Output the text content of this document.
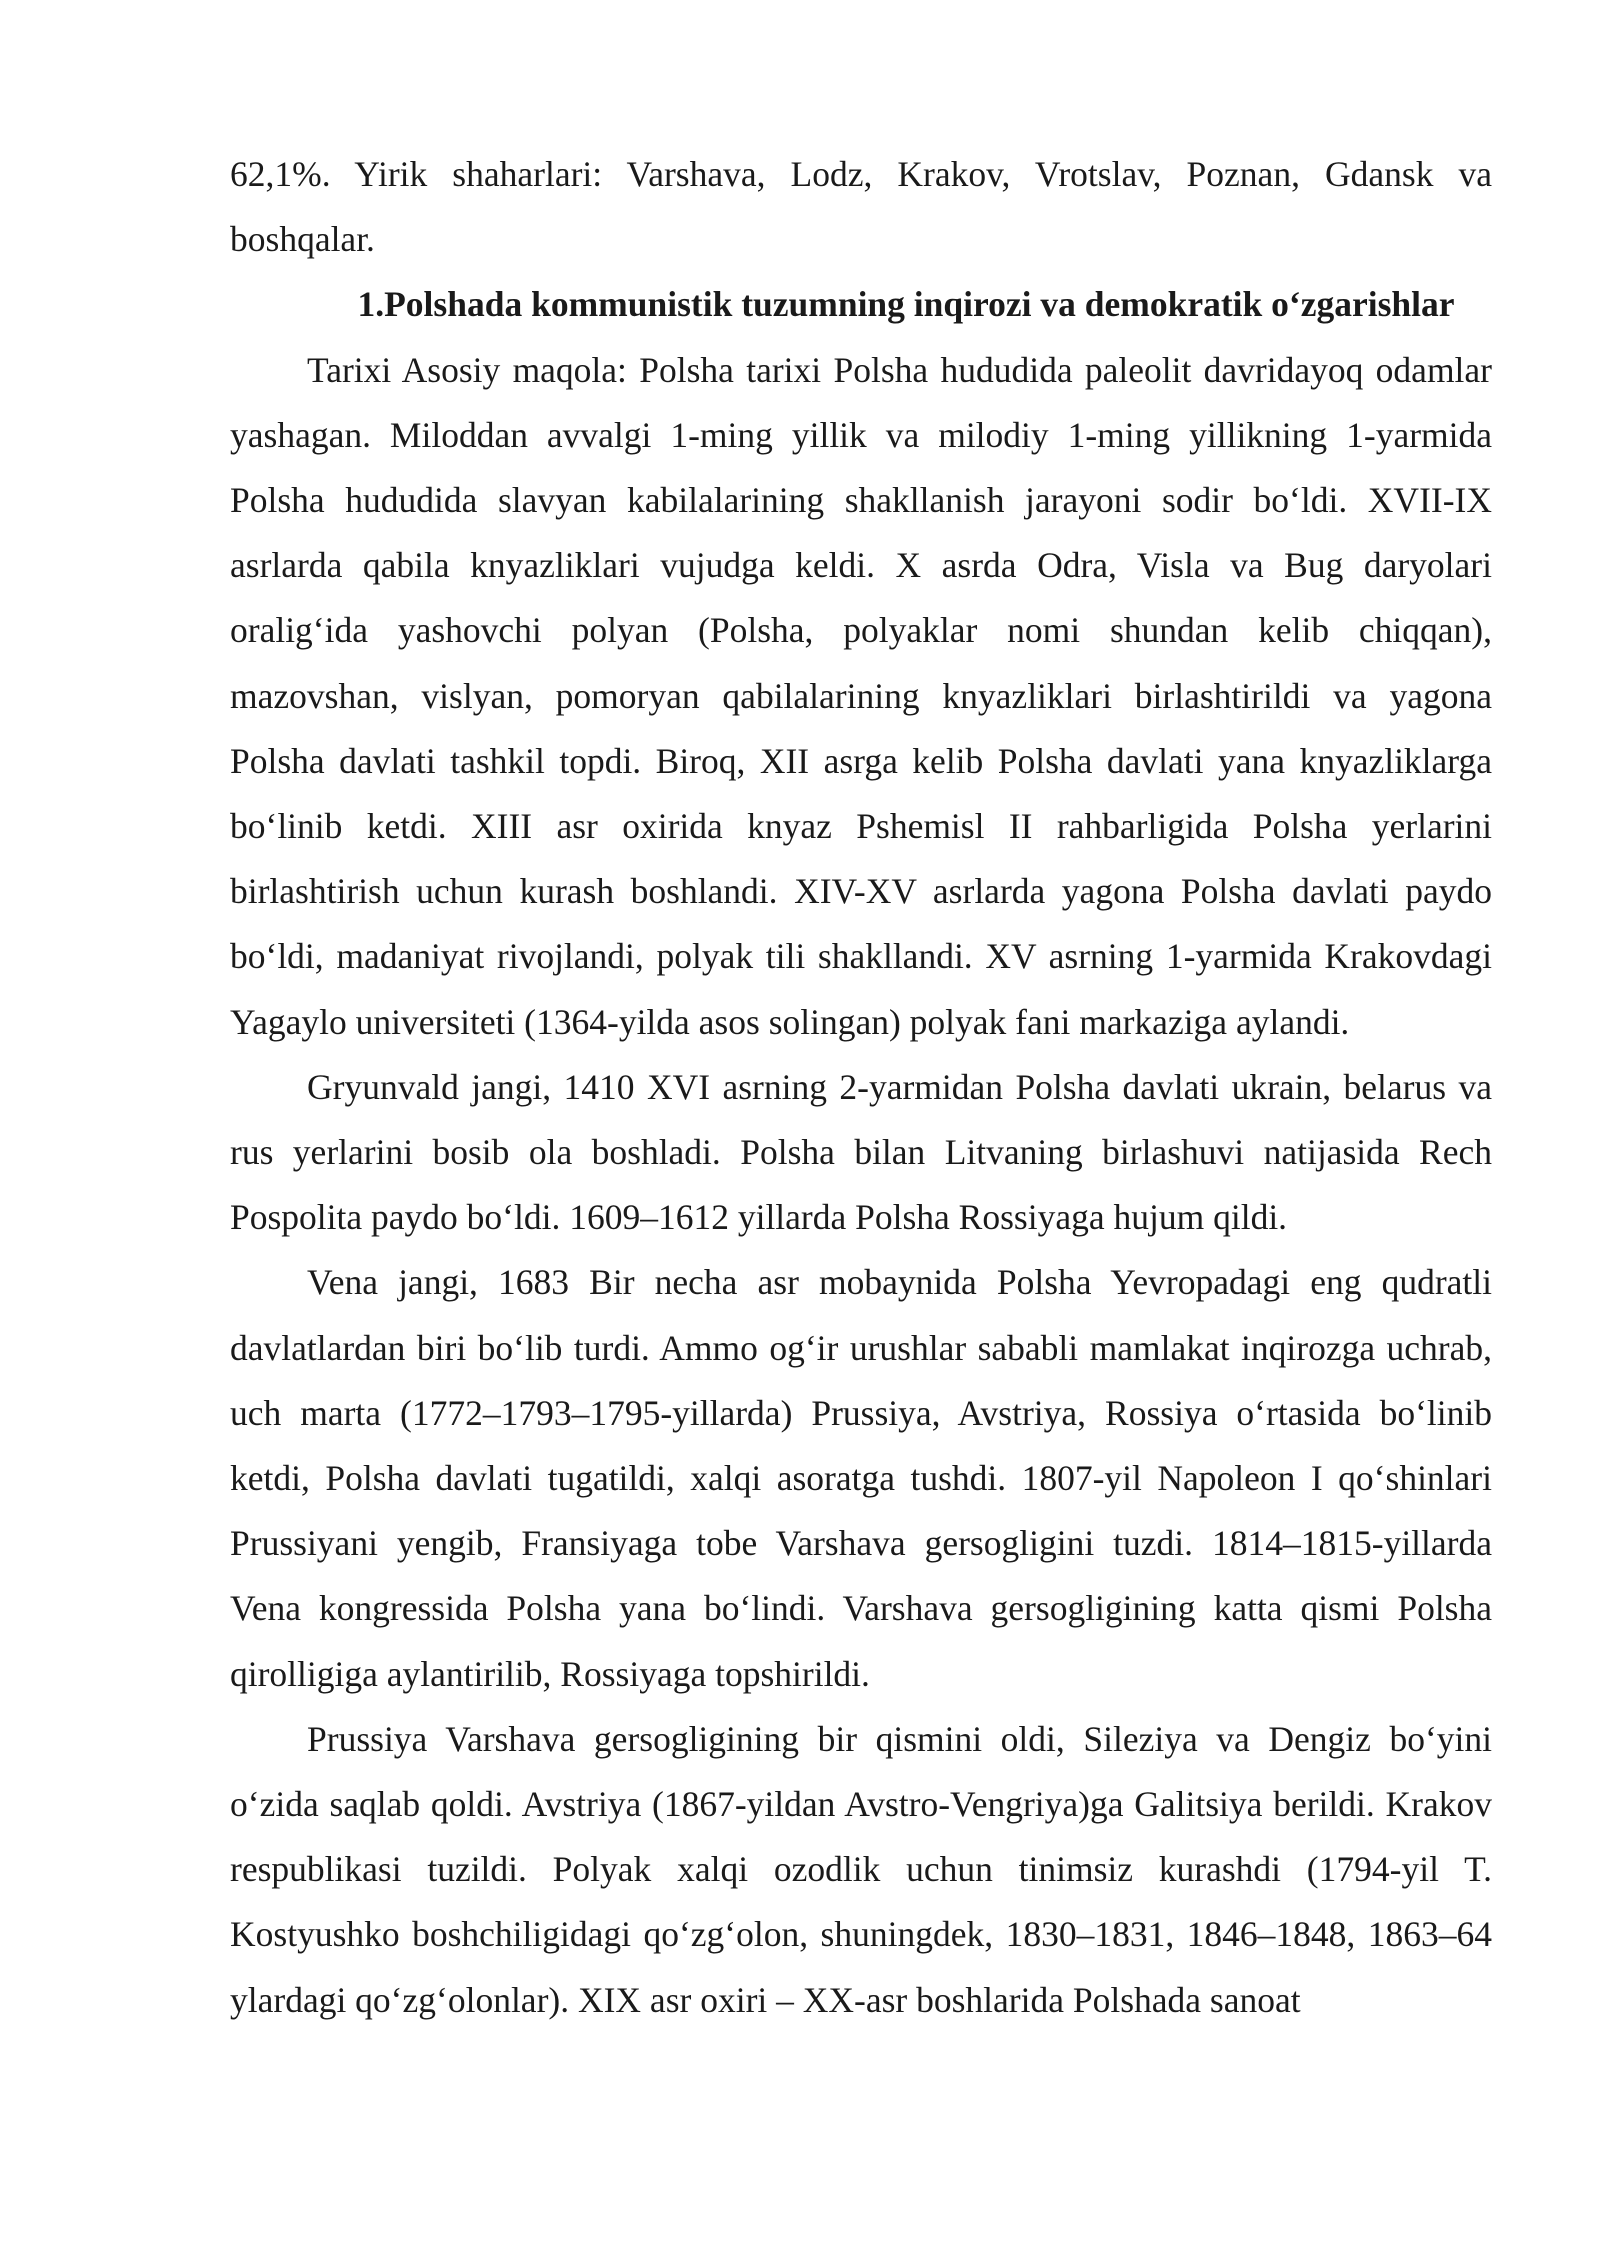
62,1%. Yirik shaharlari: Varshava, Lodz, Krakov, Vrotslav, Poznan, Gdansk va boshqalar.

1.Polshada kommunistik tuzumning inqirozi va demokratik o‘zgarishlar

Tarixi Asosiy maqola: Polsha tarixi Polsha hududida paleolit davridayoq odamlar yashagan. Miloddan avvalgi 1-ming yillik va milodiy 1-ming yillikning 1-yarmida Polsha hududida slavyan kabilalarining shakllanish jarayoni sodir bo‘ldi. XVII-IX asrlarda qabila knyazliklari vujudga keldi. X asrda Odra, Visla va Bug daryolari oralig‘ida yashovchi polyan (Polsha, polyaklar nomi shundan kelib chiqqan), mazovshan, vislyan, pomoryan qabilalarining knyazliklari birlashtirildi va yagona Polsha davlati tashkil topdi. Biroq, XII asrga kelib Polsha davlati yana knyazliklarga bo‘linib ketdi. XIII asr oxirida knyaz Pshemisl II rahbarligida Polsha yerlarini birlashtirish uchun kurash boshlandi. XIV-XV asrlarda yagona Polsha davlati paydo bo‘ldi, madaniyat rivojlandi, polyak tili shakllandi. XV asrning 1-yarmida Krakovdagi Yagaylo universiteti (1364-yilda asos solingan) polyak fani markaziga aylandi.

Gryunvald jangi, 1410 XVI asrning 2-yarmidan Polsha davlati ukrain, belarus va rus yerlarini bosib ola boshladi. Polsha bilan Litvaning birlashuvi natijasida Rech Pospolita paydo bo‘ldi. 1609–1612 yillarda Polsha Rossiyaga hujum qildi.

Vena jangi, 1683 Bir necha asr mobaynida Polsha Yevropadagi eng qudratli davlatlardan biri bo‘lib turdi. Ammo og‘ir urushlar sababli mamlakat inqirozga uchrab, uch marta (1772–1793–1795-yillarda) Prussiya, Avstriya, Rossiya o‘rtasida bo‘linib ketdi, Polsha davlati tugatildi, xalqi asoratga tushdi. 1807-yil Napoleon I qo‘shinlari Prussiyani yengib, Fransiyaga tobe Varshava gersogligini tuzdi. 1814–1815-yillarda Vena kongressida Polsha yana bo‘lindi. Varshava gersogligining katta qismi Polsha qirolligiga aylantirilib, Rossiyaga topshirildi.

Prussiya Varshava gersogligining bir qismini oldi, Sileziya va Dengiz bo‘yini o‘zida saqlab qoldi. Avstriya (1867-yildan Avstro-Vengriya)ga Galitsiya berildi. Krakov respublikasi tuzildi. Polyak xalqi ozodlik uchun tinimsiz kurashdi (1794-yil T. Kostyushko boshchiligidagi qo‘zg‘olon, shuningdek, 1830–1831, 1846–1848, 1863–64 ylardagi qo‘zg‘olonlar). XIX asr oxiri – XX-asr boshlarida Polshada sanoat
